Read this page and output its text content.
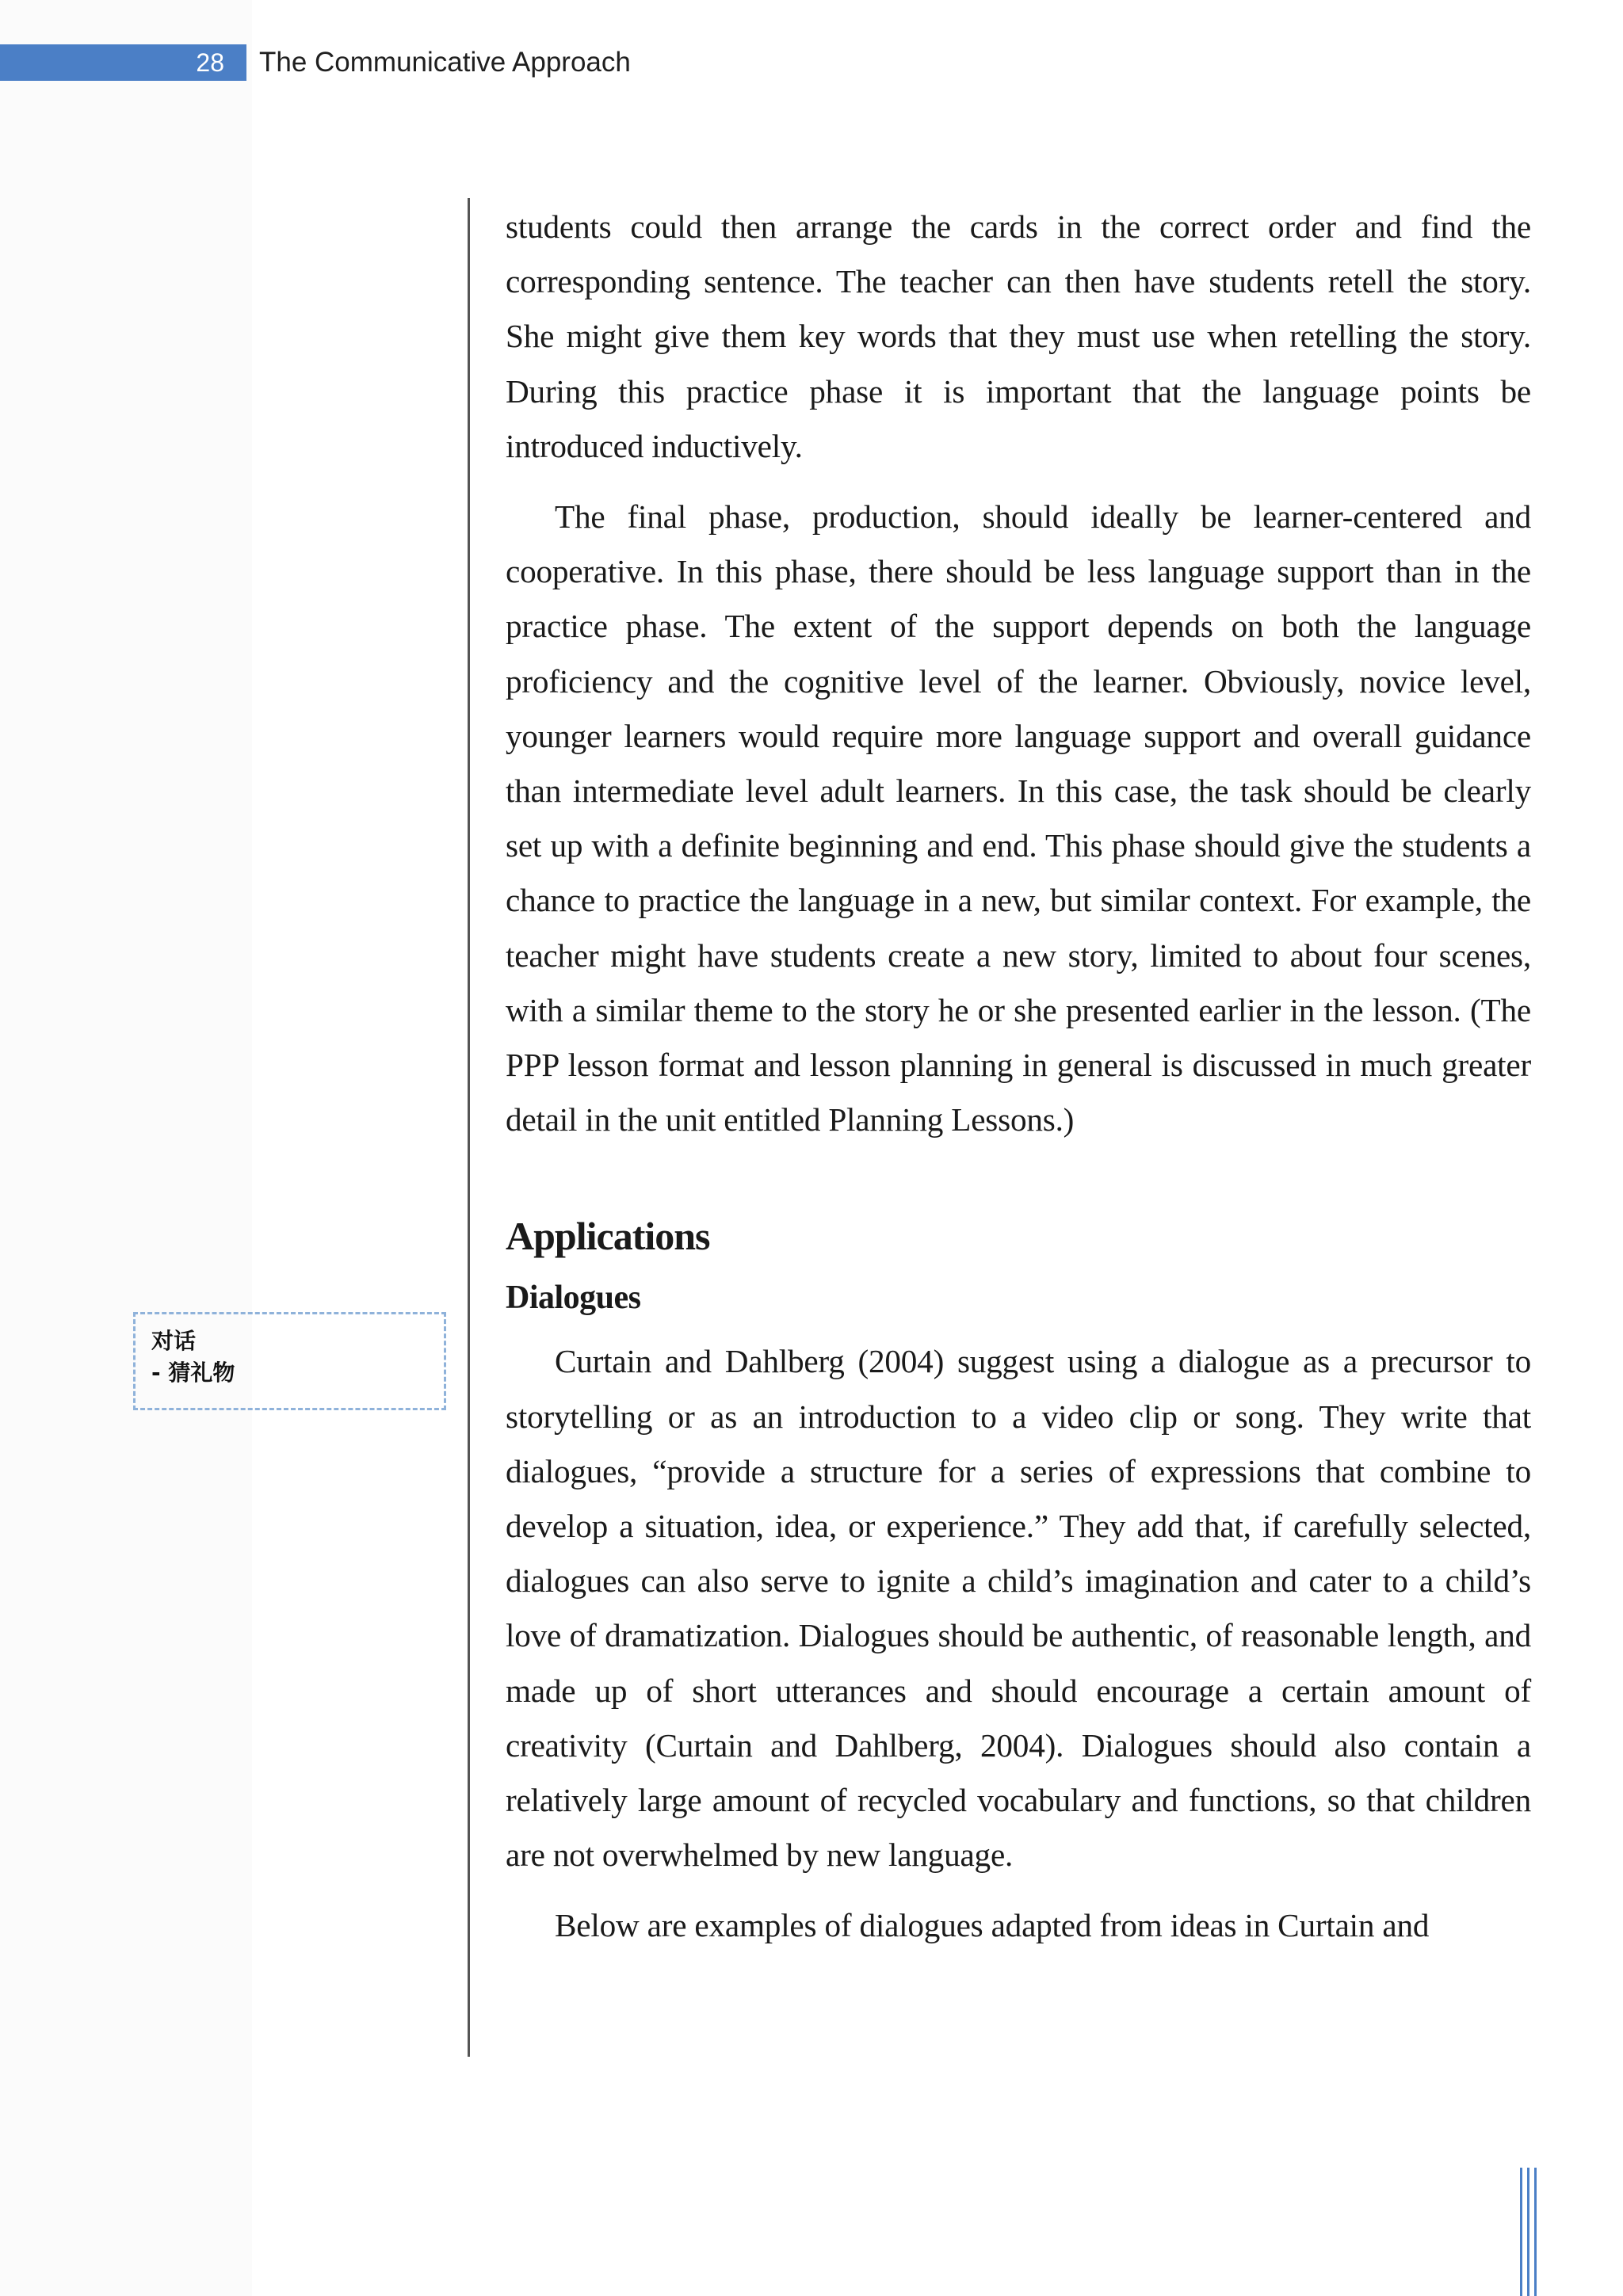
28	The Communicative Approach
对话
- 猜礼物

students could then arrange the cards in the correct order and find the corresponding sentence. The teacher can then have students retell the story. She might give them key words that they must use when retelling the story. During this practice phase it is important that the language points be introduced inductively.

The final phase, production, should ideally be learner-centered and cooperative. In this phase, there should be less language support than in the practice phase. The extent of the support depends on both the language proficiency and the cognitive level of the learner. Obviously, novice level, younger learners would require more language support and overall guidance than intermediate level adult learners. In this case, the task should be clearly set up with a definite beginning and end. This phase should give the students a chance to practice the language in a new, but similar context. For example, the teacher might have students create a new story, limited to about four scenes, with a similar theme to the story he or she presented earlier in the lesson. (The PPP lesson format and lesson planning in general is discussed in much greater detail in the unit entitled Planning Lessons.)

Applications
Dialogues

Curtain and Dahlberg (2004) suggest using a dialogue as a precursor to storytelling or as an introduction to a video clip or song. They write that dialogues, “provide a structure for a series of expressions that combine to develop a situation, idea, or experience.” They add that, if carefully selected, dialogues can also serve to ignite a child’s imagination and cater to a child’s love of dramatization. Dialogues should be authentic, of reasonable length, and made up of short utterances and should encourage a certain amount of creativity (Curtain and Dahlberg, 2004). Dialogues should also contain a relatively large amount of recycled vocabulary and functions, so that children are not overwhelmed by new language.

Below are examples of dialogues adapted from ideas in Curtain and
